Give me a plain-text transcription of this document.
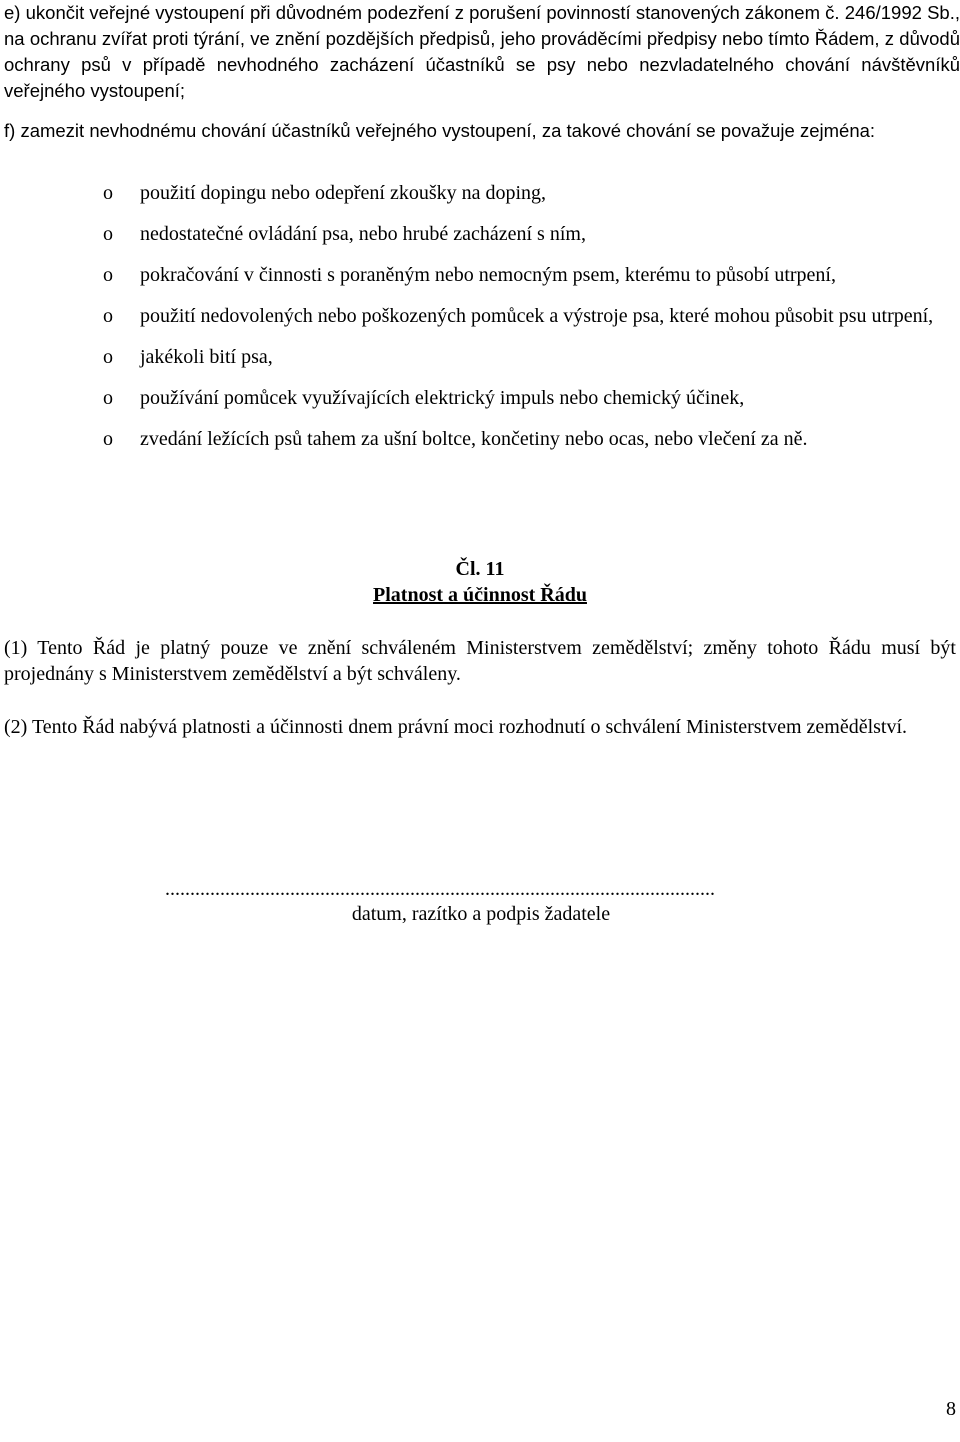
e) ukončit veřejné vystoupení při důvodném podezření z porušení povinností stanovených zákonem č. 246/1992 Sb., na ochranu zvířat proti týrání, ve znění pozdějších předpisů, jeho prováděcími předpisy nebo tímto Řádem, z důvodů ochrany psů v případě nevhodného zacházení účastníků se psy nebo nezvladatelného chování návštěvníků veřejného vystoupení;

f) zamezit nevhodnému chování účastníků veřejného vystoupení, za takové chování se považuje zejména:

o použití dopingu nebo odepření zkoušky na doping,
o nedostatečné ovládání psa, nebo hrubé zacházení s ním,
o pokračování v činnosti s poraněným nebo nemocným psem, kterému to působí utrpení,
o použití nedovolených nebo poškozených pomůcek a výstroje psa, které mohou působit psu utrpení,
o jakékoli bití psa,
o používání pomůcek využívajících elektrický impuls nebo chemický účinek,
o zvedání ležících psů tahem za ušní boltce, končetiny nebo ocas, nebo vlečení za ně.
Čl. 11
Platnost a účinnost Řádu

(1) Tento Řád je platný pouze ve znění schváleném Ministerstvem zemědělství; změny tohoto Řádu musí být projednány s Ministerstvem zemědělství a být schváleny.

(2) Tento Řád nabývá platnosti a účinnosti dnem právní moci rozhodnutí o schválení Ministerstvem zemědělství.

..............................................................................................................
datum, razítko a podpis žadatele
8
